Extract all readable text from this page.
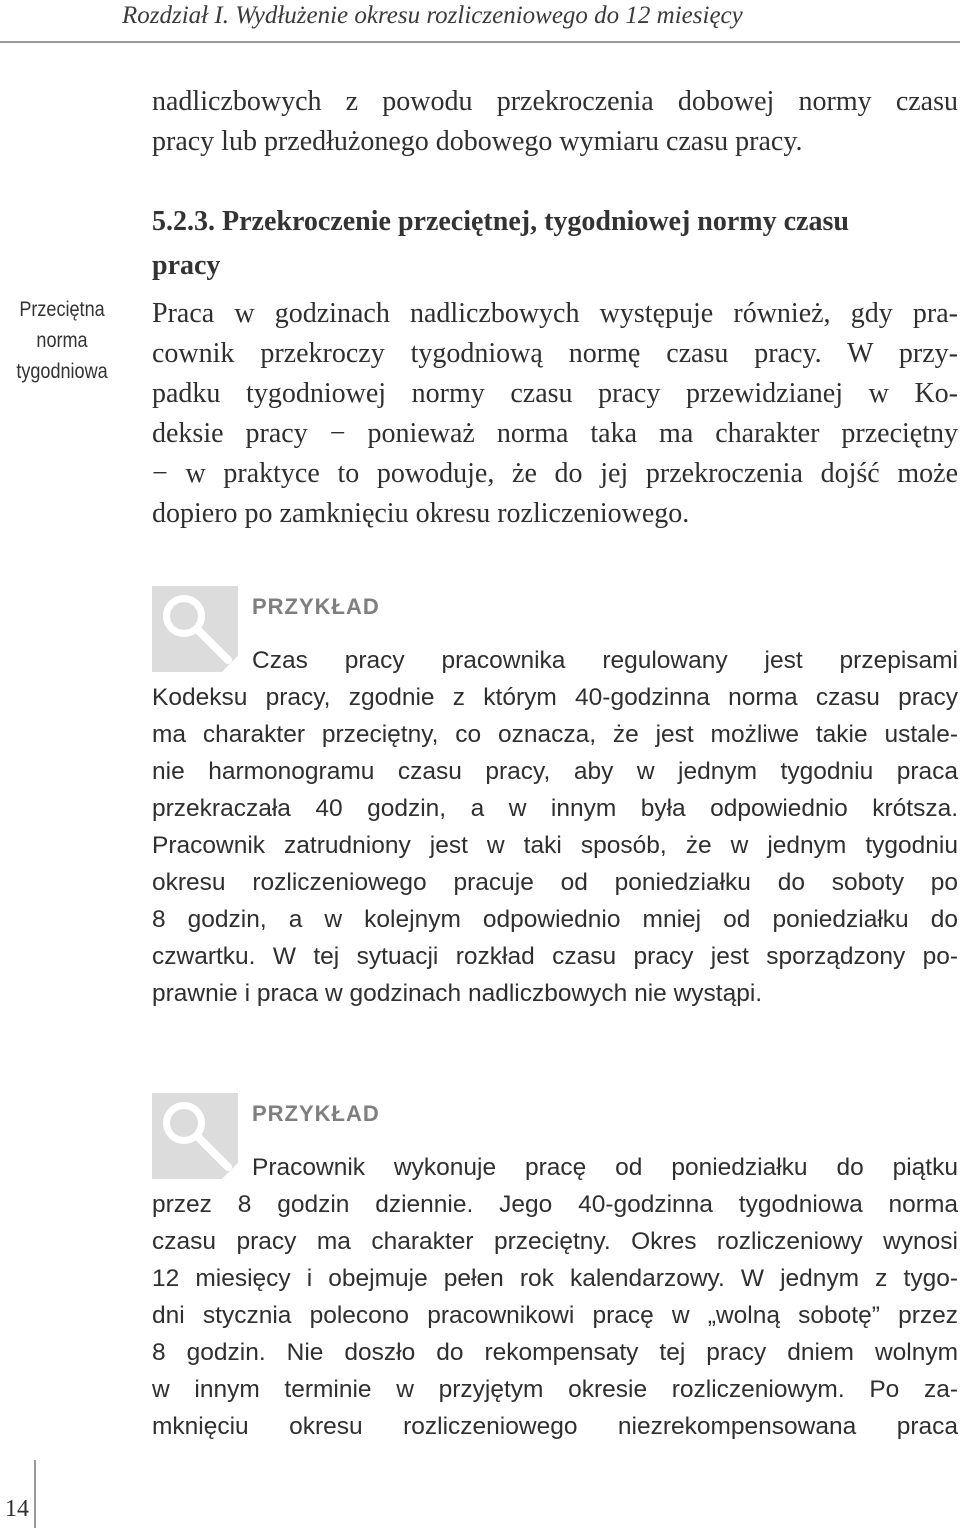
Rozdział I. Wydłużenie okresu rozliczeniowego do 12 miesięcy
nadliczbowych z powodu przekroczenia dobowej normy czasu
pracy lub przedłużonego dobowego wymiaru czasu pracy.
5.2.3. Przekroczenie przeciętnej, tygodniowej normy czasu
pracy
Przeciętna
norma
tygodniowa
Praca w godzinach nadliczbowych występuje również, gdy pra-
cownik przekroczy tygodniową normę czasu pracy. W przy-
padku tygodniowej normy czasu pracy przewidzianej w Ko-
deksie pracy − ponieważ norma taka ma charakter przeciętny
− w praktyce to powoduje, że do jej przekroczenia dojść może
dopiero po zamknięciu okresu rozliczeniowego.
PRZYKŁAD
Czas pracy pracownika regulowany jest przepisami
Kodeksu pracy, zgodnie z którym 40-godzinna norma czasu pracy
ma charakter przeciętny, co oznacza, że jest możliwe takie ustale-
nie harmonogramu czasu pracy, aby w jednym tygodniu praca
przekraczała 40 godzin, a w innym była odpowiednio krótsza.
Pracownik zatrudniony jest w taki sposób, że w jednym tygodniu
okresu rozliczeniowego pracuje od poniedziałku do soboty po
8 godzin, a w kolejnym odpowiednio mniej od poniedziałku do
czwartku. W tej sytuacji rozkład czasu pracy jest sporządzony po-
prawnie i praca w godzinach nadliczbowych nie wystąpi.
PRZYKŁAD
Pracownik wykonuje pracę od poniedziałku do piątku
przez 8 godzin dziennie. Jego 40-godzinna tygodniowa norma
czasu pracy ma charakter przeciętny. Okres rozliczeniowy wynosi
12 miesięcy i obejmuje pełen rok kalendarzowy. W jednym z tygo-
dni stycznia polecono pracownikowi pracę w „wolną sobotę” przez
8 godzin. Nie doszło do rekompensaty tej pracy dniem wolnym
w innym terminie w przyjętym okresie rozliczeniowym. Po za-
mknięciu okresu rozliczeniowego niezrekompensowana praca
14
